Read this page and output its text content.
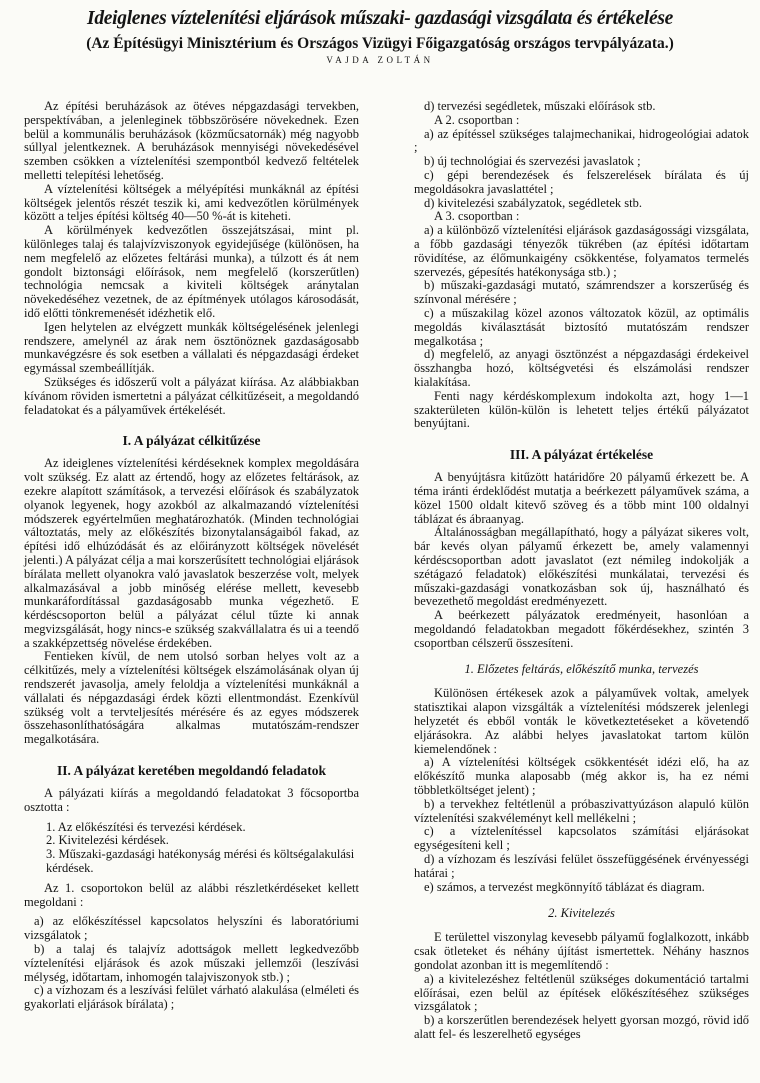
Ideiglenes víztelenítési eljárások műszaki- gazdasági vizsgálata és értékelése
(Az Építésügyi Minisztérium és Országos Vizügyi Főigazgatóság országos tervpályázata.)
VAJDA ZOLTÁN

Az építési beruházások az ötéves népgazdasági tervekben, perspektívában, a jelenleginek többszörösére növekednek. Ezen belül a kommunális beruházások (közműcsatornák) még nagyobb súllyal jelentkeznek. A beruházások mennyiségi növekedésével szemben csökken a víztelenítési szempontból kedvező feltételek melletti telepítési lehetőség.

A víztelenítési költségek a mélyépítési munkáknál az építési költségek jelentős részét teszik ki, ami kedvezőtlen körülmények között a teljes építési költség 40—50 %-át is kiteheti.

A körülmények kedvezőtlen összejátszásai, mint pl. különleges talaj és talajvízviszonyok egyidejűsége (különösen, ha nem megfelelő az előzetes feltárási munka), a túlzott és át nem gondolt biztonsági előírások, nem megfelelő (korszerűtlen) technológia nemcsak a kiviteli költségek aránytalan növekedéséhez vezetnek, de az építmények utólagos károsodását, idő előtti tönkremenését idézhetik elő.

Igen helytelen az elvégzett munkák költségelésének jelenlegi rendszere, amelynél az árak nem ösztönöznek gazdaságosabb munkavégzésre és sok esetben a vállalati és népgazdasági érdeket egymással szembeállítják.

Szükséges és időszerű volt a pályázat kiírása. Az alábbiakban kívánom röviden ismertetni a pályázat célkitűzéseit, a megoldandó feladatokat és a pályaművek értékelését.

I. A pályázat célkitűzése

Az ideiglenes víztelenítési kérdéseknek komplex megoldására volt szükség. Ez alatt az értendő, hogy az előzetes feltárások, az ezekre alapított számítások, a tervezési előírások és szabályzatok olyanok legyenek, hogy azokból az alkalmazandó víztelenítési módszerek egyértelműen meghatározhatók. (Minden technológiai változtatás, mely az előkészítés bizonytalanságaiból fakad, az építési idő elhúzódását és az előirányzott költségek növelését jelenti.) A pályázat célja a mai korszerűsített technológiai eljárások bírálata mellett olyanokra való javaslatok beszerzése volt, melyek alkalmazásával a jobb minőség elérése mellett, kevesebb munkaráfordítással gazdaságosabb munka végezhető. E kérdéscsoporton belül a pályázat célul tűzte ki annak megvizsgálását, hogy nincs-e szükség szakvállalatra és ui a teendő a szakképzettség növelése érdekében.

Fentieken kívül, de nem utolsó sorban helyes volt az a célkitűzés, mely a víztelenítési költségek elszámolásának olyan új rendszerét javasolja, amely feloldja a víztelenítési munkáknál a vállalati és népgazdasági érdek közti ellentmondást. Ezenkívül szükség volt a tervteljesítés mérésére és az egyes módszerek összehasonlíthatóságára alkalmas mutatószám-rendszer megalkotására.

II. A pályázat keretében megoldandó feladatok

A pályázati kiírás a megoldandó feladatokat 3 főcsoportba osztotta :

1. Az előkészítési és tervezési kérdések.
2. Kivitelezési kérdések.
3. Műszaki-gazdasági hatékonyság mérési és költségalakulási kérdések.

Az 1. csoportokon belül az alábbi részletkérdéseket kellett megoldani :

a) az előkészítéssel kapcsolatos helyszíni és laboratóriumi vizsgálatok ;

b) a talaj és talajvíz adottságok mellett legkedvezőbb víztelenítési eljárások és azok műszaki jellemzői (leszívási mélység, időtartam, inhomogén talajviszonyok stb.) ;

c) a vízhozam és a leszívási felület várható alakulása (elméleti és gyakorlati eljárások bírálata) ;

d) tervezési segédletek, műszaki előírások stb.

A 2. csoportban :

a) az építéssel szükséges talajmechanikai, hidrogeológiai adatok ;

b) új technológiai és szervezési javaslatok ;

c) gépi berendezések és felszerelések bírálata és új megoldásokra javaslattétel ;

d) kivitelezési szabályzatok, segédletek stb.

A 3. csoportban :

a) a különböző víztelenítési eljárások gazdaságossági vizsgálata, a főbb gazdasági tényezők tükrében (az építési időtartam rövidítése, az élőmunkaigény csökkentése, folyamatos termelés szervezés, gépesítés hatékonysága stb.) ;

b) műszaki-gazdasági mutató, számrendszer a korszerűség és színvonal mérésére ;

c) a műszakilag közel azonos változatok közül, az optimális megoldás kiválasztását biztosító mutatószám rendszer megalkotása ;

d) megfelelő, az anyagi ösztönzést a népgazdasági érdekeivel összhangba hozó, költségvetési és elszámolási rendszer kialakítása.

Fenti nagy kérdéskomplexum indokolta azt, hogy 1—1 szakterületen külön-külön is lehetett teljes értékű pályázatot benyújtani.

III. A pályázat értékelése

A benyújtásra kitűzött határidőre 20 pályamű érkezett be. A téma iránti érdeklődést mutatja a beérkezett pályaművek száma, a közel 1500 oldalt kitevő szöveg és a több mint 100 oldalnyi táblázat és ábraanyag.

Általánosságban megállapítható, hogy a pályázat sikeres volt, bár kevés olyan pályamű érkezett be, amely valamennyi kérdéscsoportban adott javaslatot (ezt némileg indokolják a szétágazó feladatok) előkészítési munkálatai, tervezési és műszaki-gazdasági vonatkozásban sok új, használható és bevezethető megoldást eredményezett.

A beérkezett pályázatok eredményeit, hasonlóan a megoldandó feladatokban megadott főkérdésekhez, szintén 3 csoportban célszerű összesíteni.

1. Előzetes feltárás, előkészítő munka, tervezés

Különösen értékesek azok a pályaművek voltak, amelyek statisztikai alapon vizsgálták a víztelenítési módszerek jelenlegi helyzetét és ebből vonták le következtetéseket a követendő eljárásokra. Az alábbi helyes javaslatokat tartom külön kiemelendőnek :

a) A víztelenítési költségek csökkentését idézi elő, ha az előkészítő munka alaposabb (még akkor is, ha ez némi többletköltséget jelent) ;

b) a tervekhez feltétlenül a próbaszivattyúzáson alapuló külön víztelenítési szakvéleményt kell mellékelni ;

c) a víztelenítéssel kapcsolatos számítási eljárásokat egységesíteni kell ;

d) a vízhozam és leszívási felület összefüggésének érvényességi határai ;

e) számos, a tervezést megkönnyítő táblázat és diagram.

2. Kivitelezés

E területtel viszonylag kevesebb pályamű foglalkozott, inkább csak ötleteket és néhány újítást ismertettek. Néhány hasznos gondolat azonban itt is megemlítendő :

a) a kivitelezéshez feltétlenül szükséges dokumentáció tartalmi előírásai, ezen belül az építések előkészítéséhez szükséges vizsgálatok ;

b) a korszerűtlen berendezések helyett gyorsan mozgó, rövid idő alatt fel- és leszerelhető egységes
